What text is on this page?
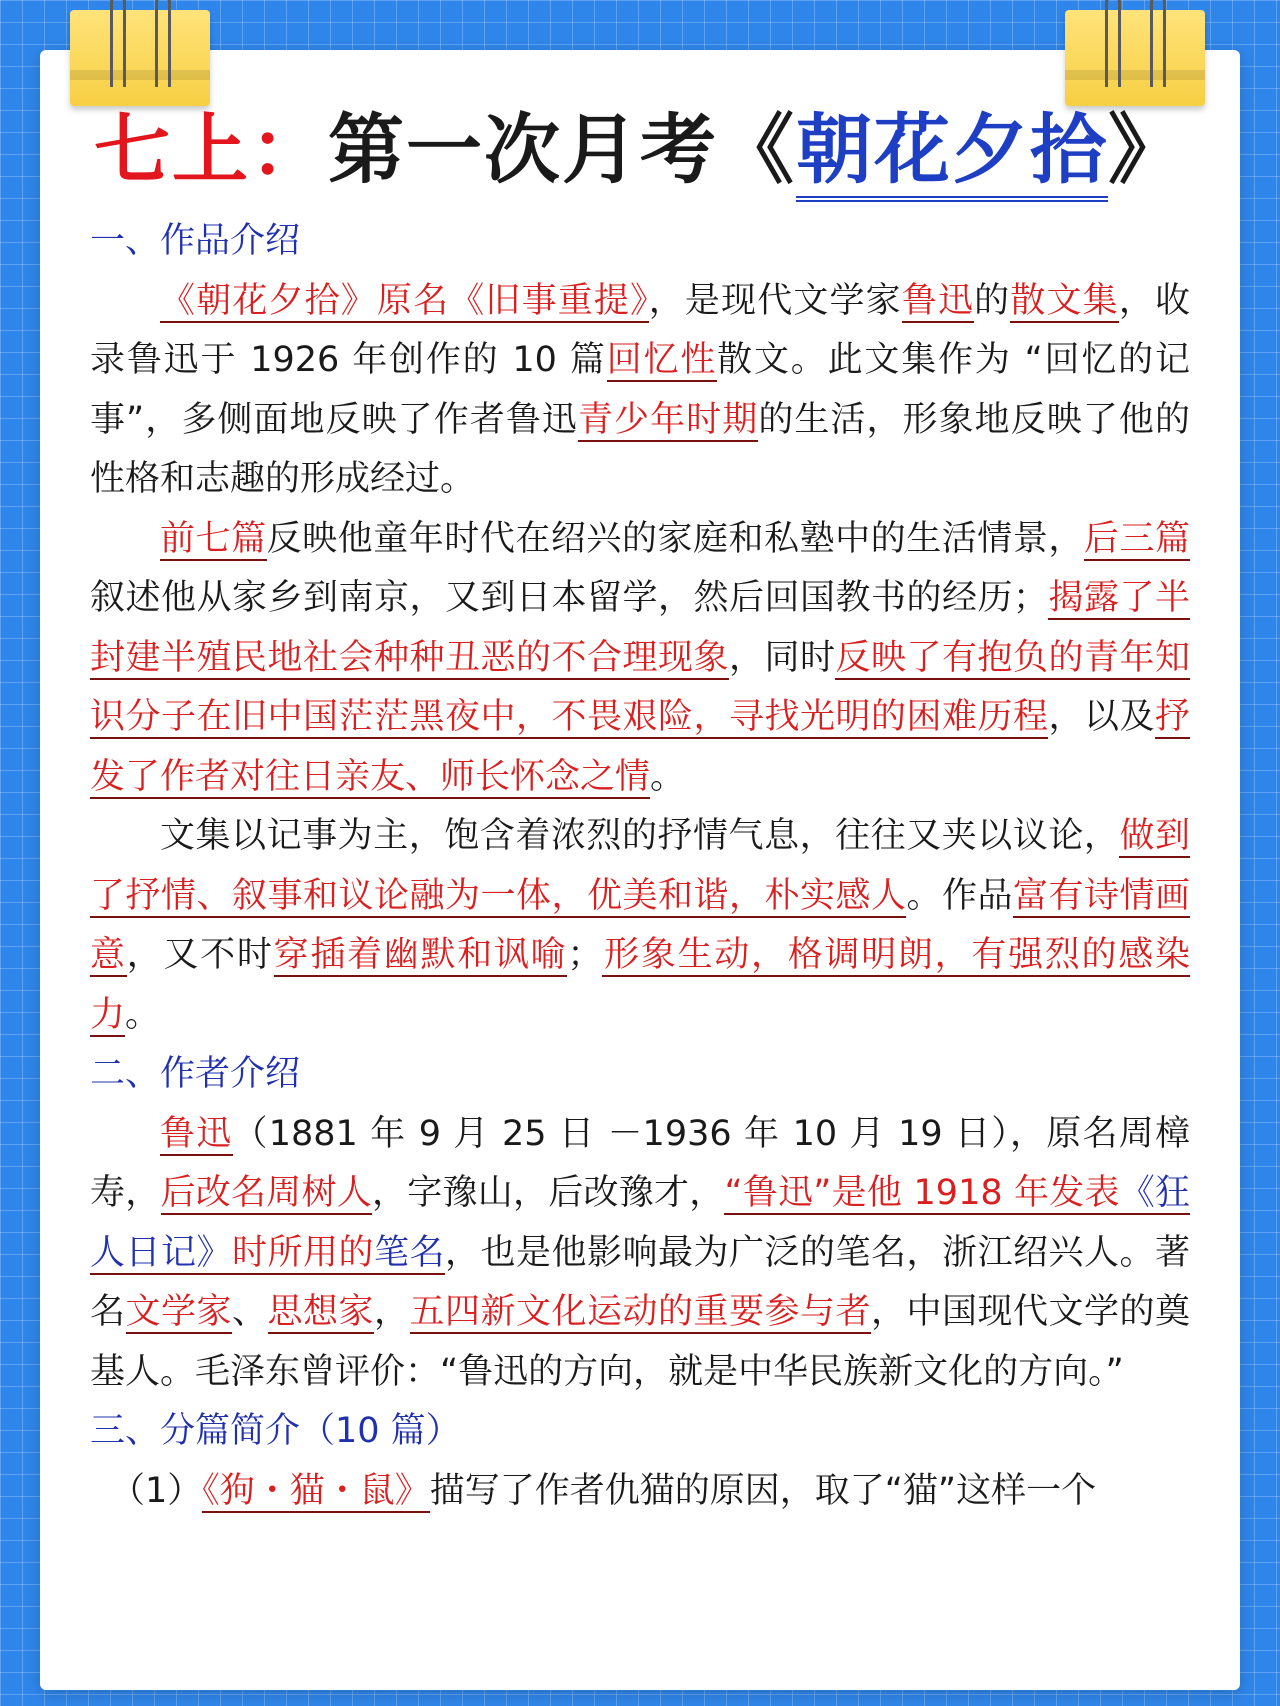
七上：第一次月考《朝花夕拾》
一、作品介绍

《朝花夕拾》原名《旧事重提》，是现代文学家鲁迅的散文集，收录鲁迅于 1926 年创作的 10 篇回忆性散文。此文集作为 “回忆的记事”，多侧面地反映了作者鲁迅青少年时期的生活，形象地反映了他的性格和志趣的形成经过。

前七篇反映他童年时代在绍兴的家庭和私塾中的生活情景，后三篇叙述他从家乡到南京，又到日本留学，然后回国教书的经历；揭露了半封建半殖民地社会种种丑恶的不合理现象，同时反映了有抱负的青年知识分子在旧中国茫茫黑夜中，不畏艰险，寻找光明的困难历程，以及抒发了作者对往日亲友、师长怀念之情。

文集以记事为主，饱含着浓烈的抒情气息，往往又夹以议论，做到了抒情、叙事和议论融为一体，优美和谐，朴实感人。作品富有诗情画意，又不时穿插着幽默和讽喻；形象生动，格调明朗，有强烈的感染力。

二、作者介绍

鲁迅（1881 年 9 月 25 日 －1936 年 10 月 19 日），原名周樟寿，后改名周树人，字豫山，后改豫才，“鲁迅”是他 1918 年发表《狂人日记》时所用的笔名，也是他影响最为广泛的笔名，浙江绍兴人。著名文学家、思想家，五四新文化运动的重要参与者，中国现代文学的奠基人。毛泽东曾评价：“鲁迅的方向，就是中华民族新文化的方向。”

三、分篇简介（10 篇）

（1）《狗・猫・鼠》描写了作者仇猫的原因，取了“猫”这样一个
